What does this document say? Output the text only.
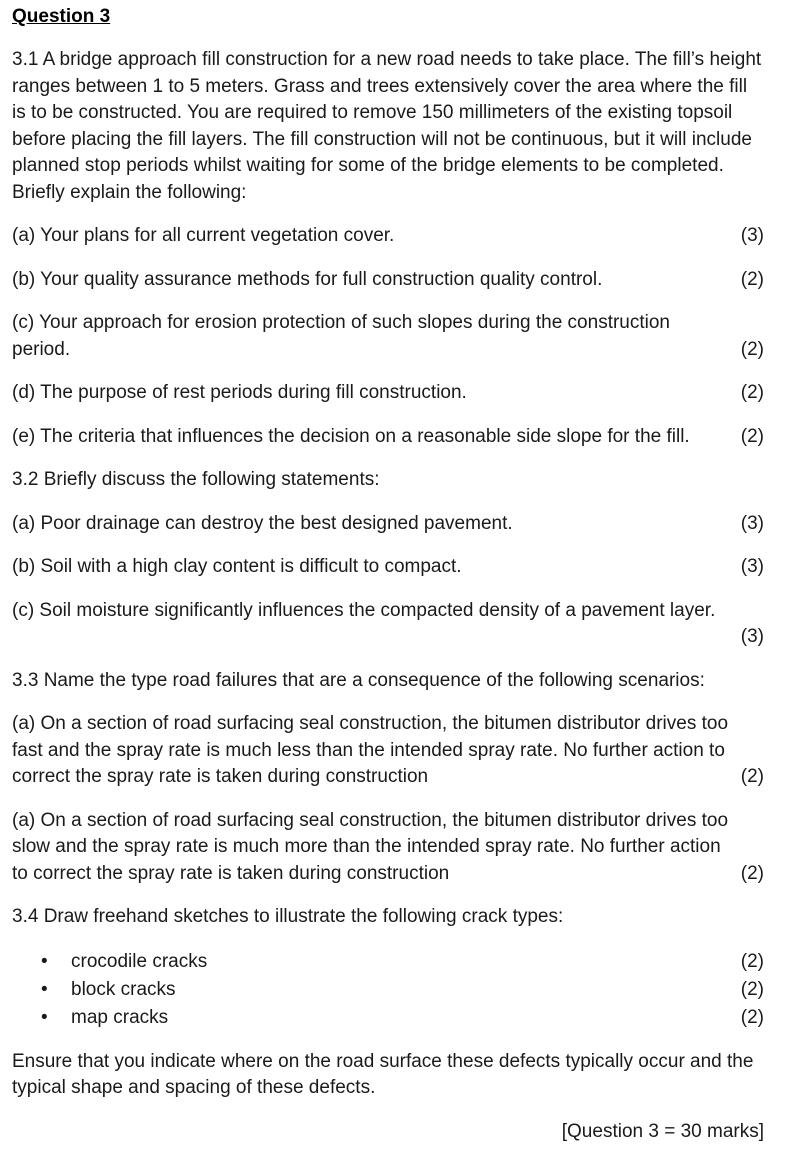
Question 3
3.1 A bridge approach fill construction for a new road needs to take place. The fill’s height ranges between 1 to 5 meters. Grass and trees extensively cover the area where the fill is to be constructed. You are required to remove 150 millimeters of the existing topsoil before placing the fill layers. The fill construction will not be continuous, but it will include planned stop periods whilst waiting for some of the bridge elements to be completed. Briefly explain the following:
(a) Your plans for all current vegetation cover.	(3)
(b) Your quality assurance methods for full construction quality control.	(2)
(c) Your approach for erosion protection of such slopes during the construction period.	(2)
(d) The purpose of rest periods during fill construction.	(2)
(e) The criteria that influences the decision on a reasonable side slope for the fill.	(2)
3.2 Briefly discuss the following statements:
(a) Poor drainage can destroy the best designed pavement.	(3)
(b) Soil with a high clay content is difficult to compact.	(3)
(c) Soil moisture significantly influences the compacted density of a pavement layer.
(3)
3.3 Name the type road failures that are a consequence of the following scenarios:
(a) On a section of road surfacing seal construction, the bitumen distributor drives too fast and the spray rate is much less than the intended spray rate. No further action to correct the spray rate is taken during construction	(2)
(a) On a section of road surfacing seal construction, the bitumen distributor drives too slow and the spray rate is much more than the intended spray rate. No further action to correct the spray rate is taken during construction	(2)
3.4 Draw freehand sketches to illustrate the following crack types:
•	crocodile cracks	(2)
•	block cracks	(2)
•	map cracks	(2)
Ensure that you indicate where on the road surface these defects typically occur and the typical shape and spacing of these defects.
[Question 3 = 30 marks]
